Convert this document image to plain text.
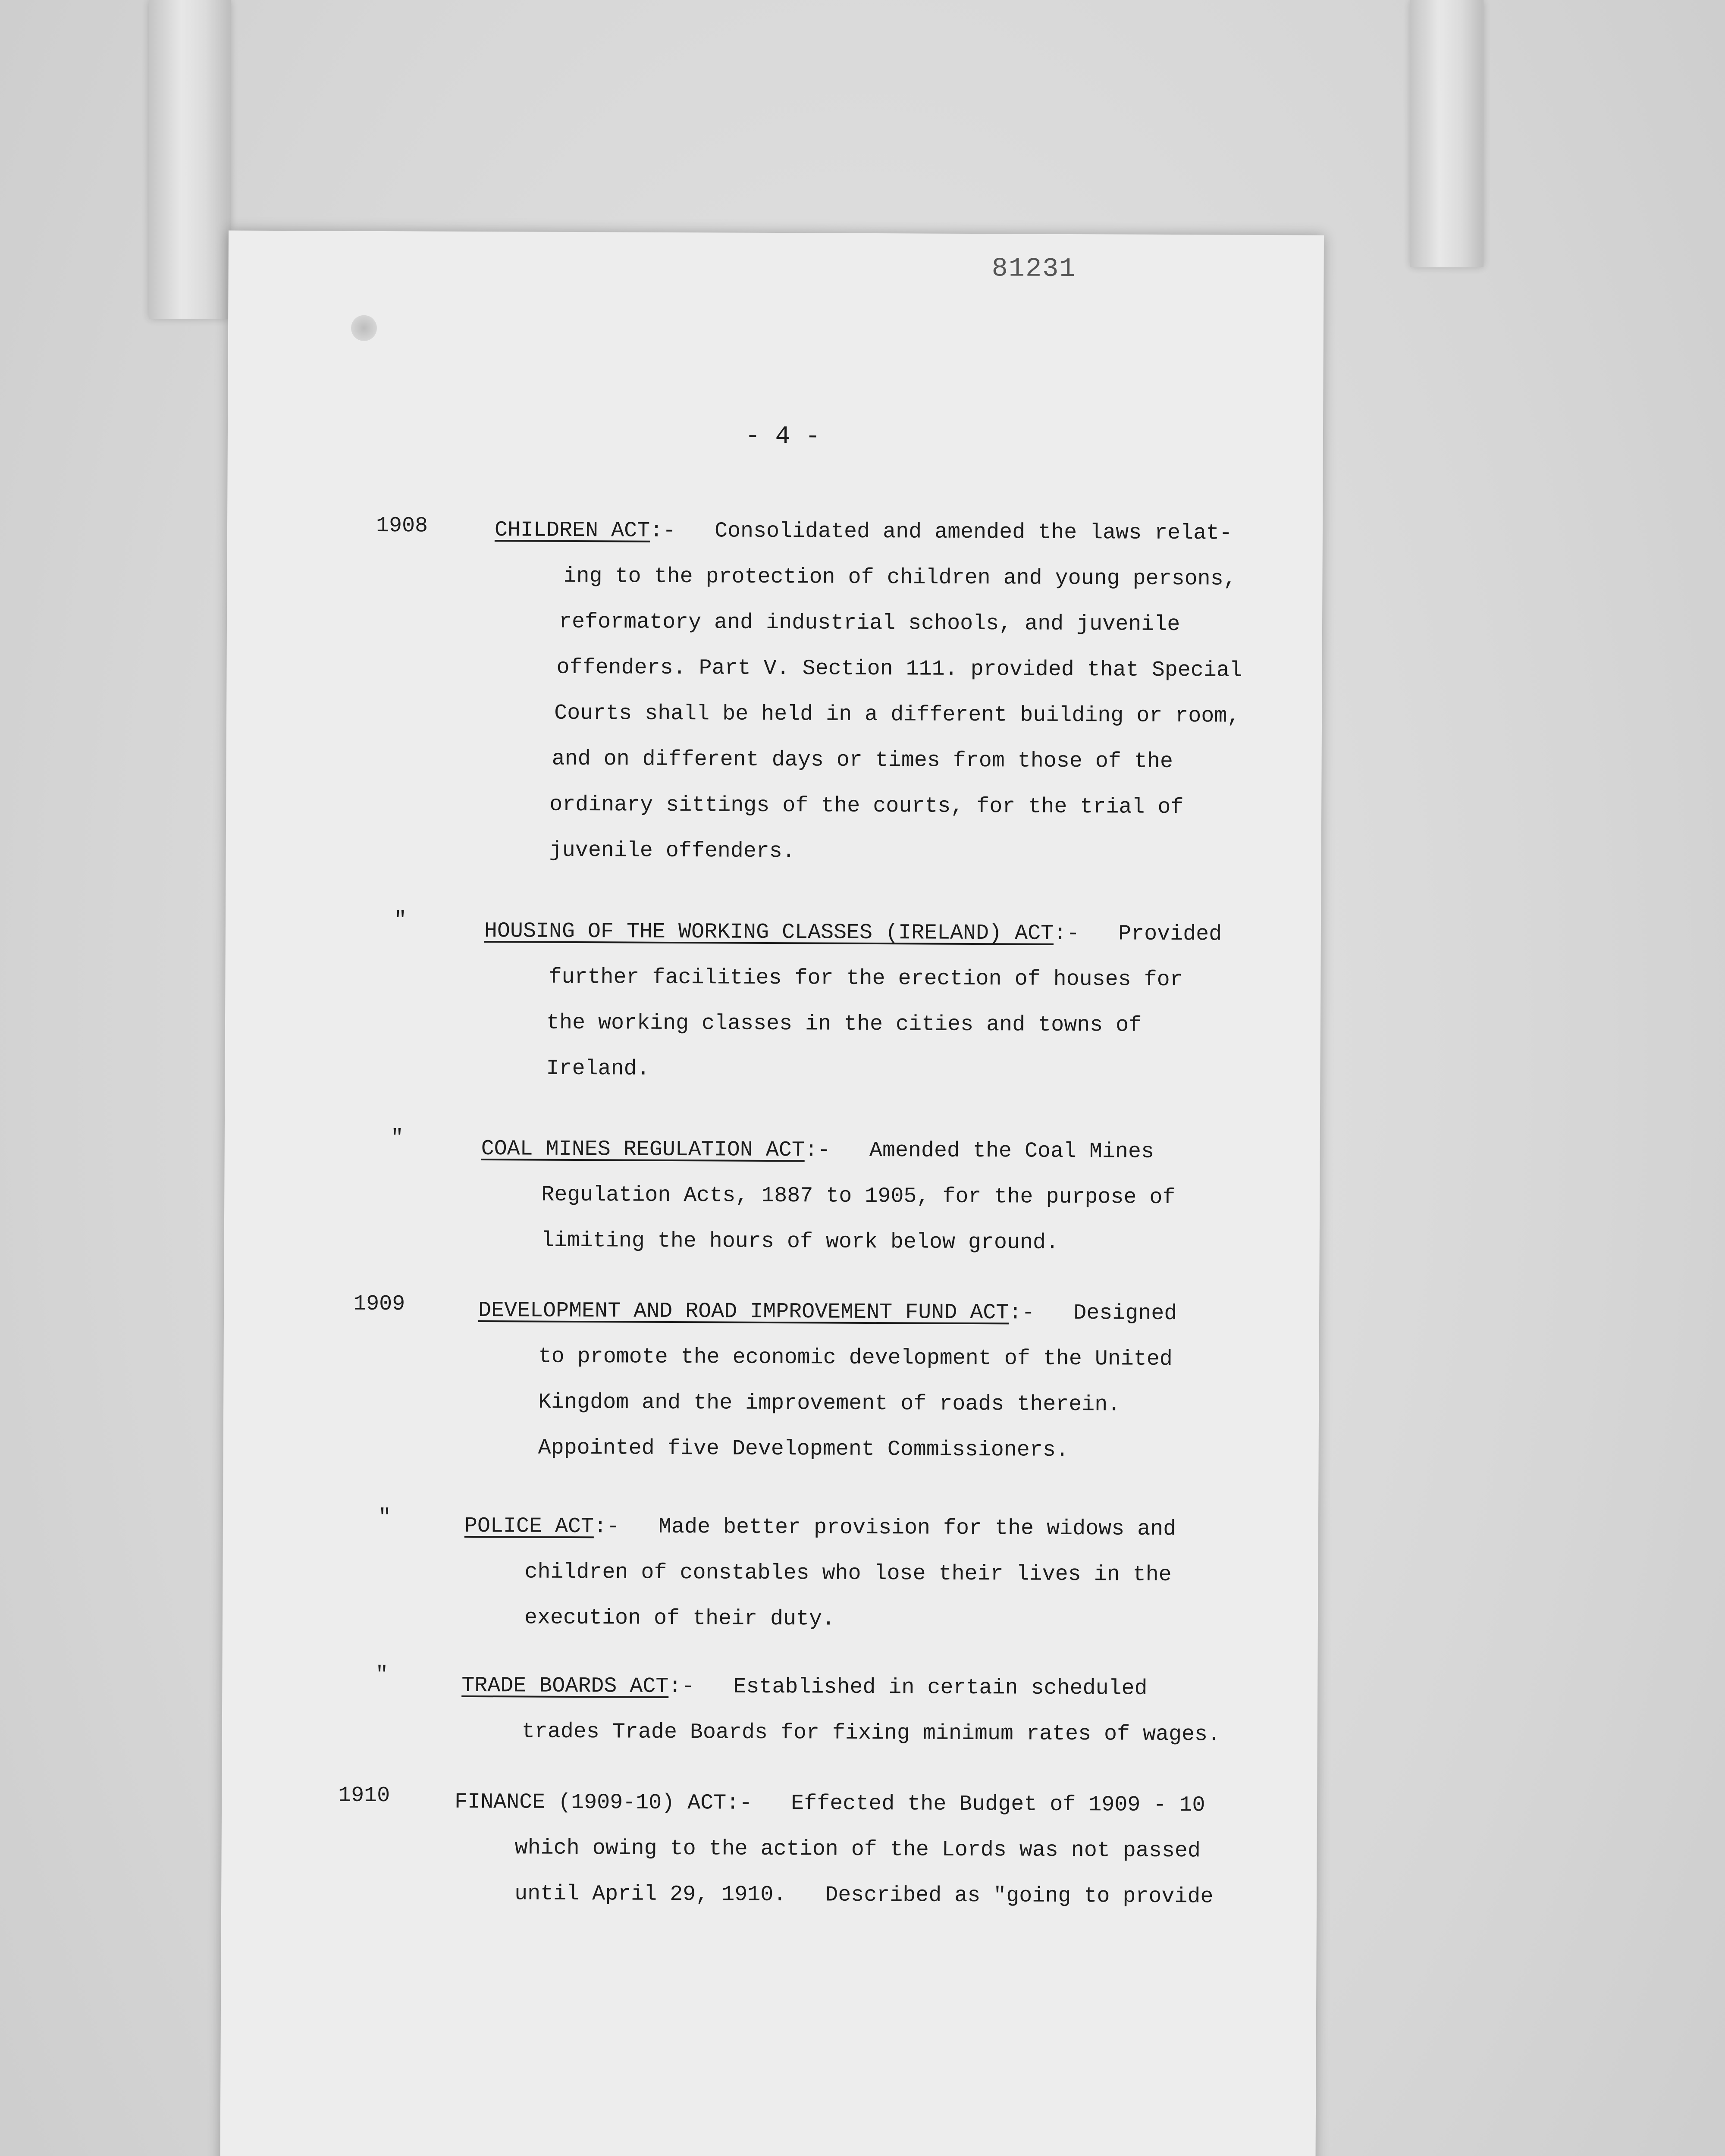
81231
- 4 -
1908	CHILDREN ACT:- Consolidated and amended the laws relat-
ing to the protection of children and young persons,
reformatory and industrial schools, and juvenile
offenders. Part V. Section 111. provided that Special
Courts shall be held in a different building or room,
and on different days or times from those of the
ordinary sittings of the courts, for the trial of
juvenile offenders.
"	HOUSING OF THE WORKING CLASSES (IRELAND) ACT:- Provided
further facilities for the erection of houses for
the working classes in the cities and towns of
Ireland.
"	COAL MINES REGULATION ACT:- Amended the Coal Mines
Regulation Acts, 1887 to 1905, for the purpose of
limiting the hours of work below ground.
1909	DEVELOPMENT AND ROAD IMPROVEMENT FUND ACT:- Designed
to promote the economic development of the United
Kingdom and the improvement of roads therein.
Appointed five Development Commissioners.
"	POLICE ACT:- Made better provision for the widows and
children of constables who lose their lives in the
execution of their duty.
"	TRADE BOARDS ACT:- Established in certain scheduled
trades Trade Boards for fixing minimum rates of wages.
1910	FINANCE (1909-10) ACT:- Effected the Budget of 1909 - 10
which owing to the action of the Lords was not passed
until April 29, 1910.   Described as "going to provide
